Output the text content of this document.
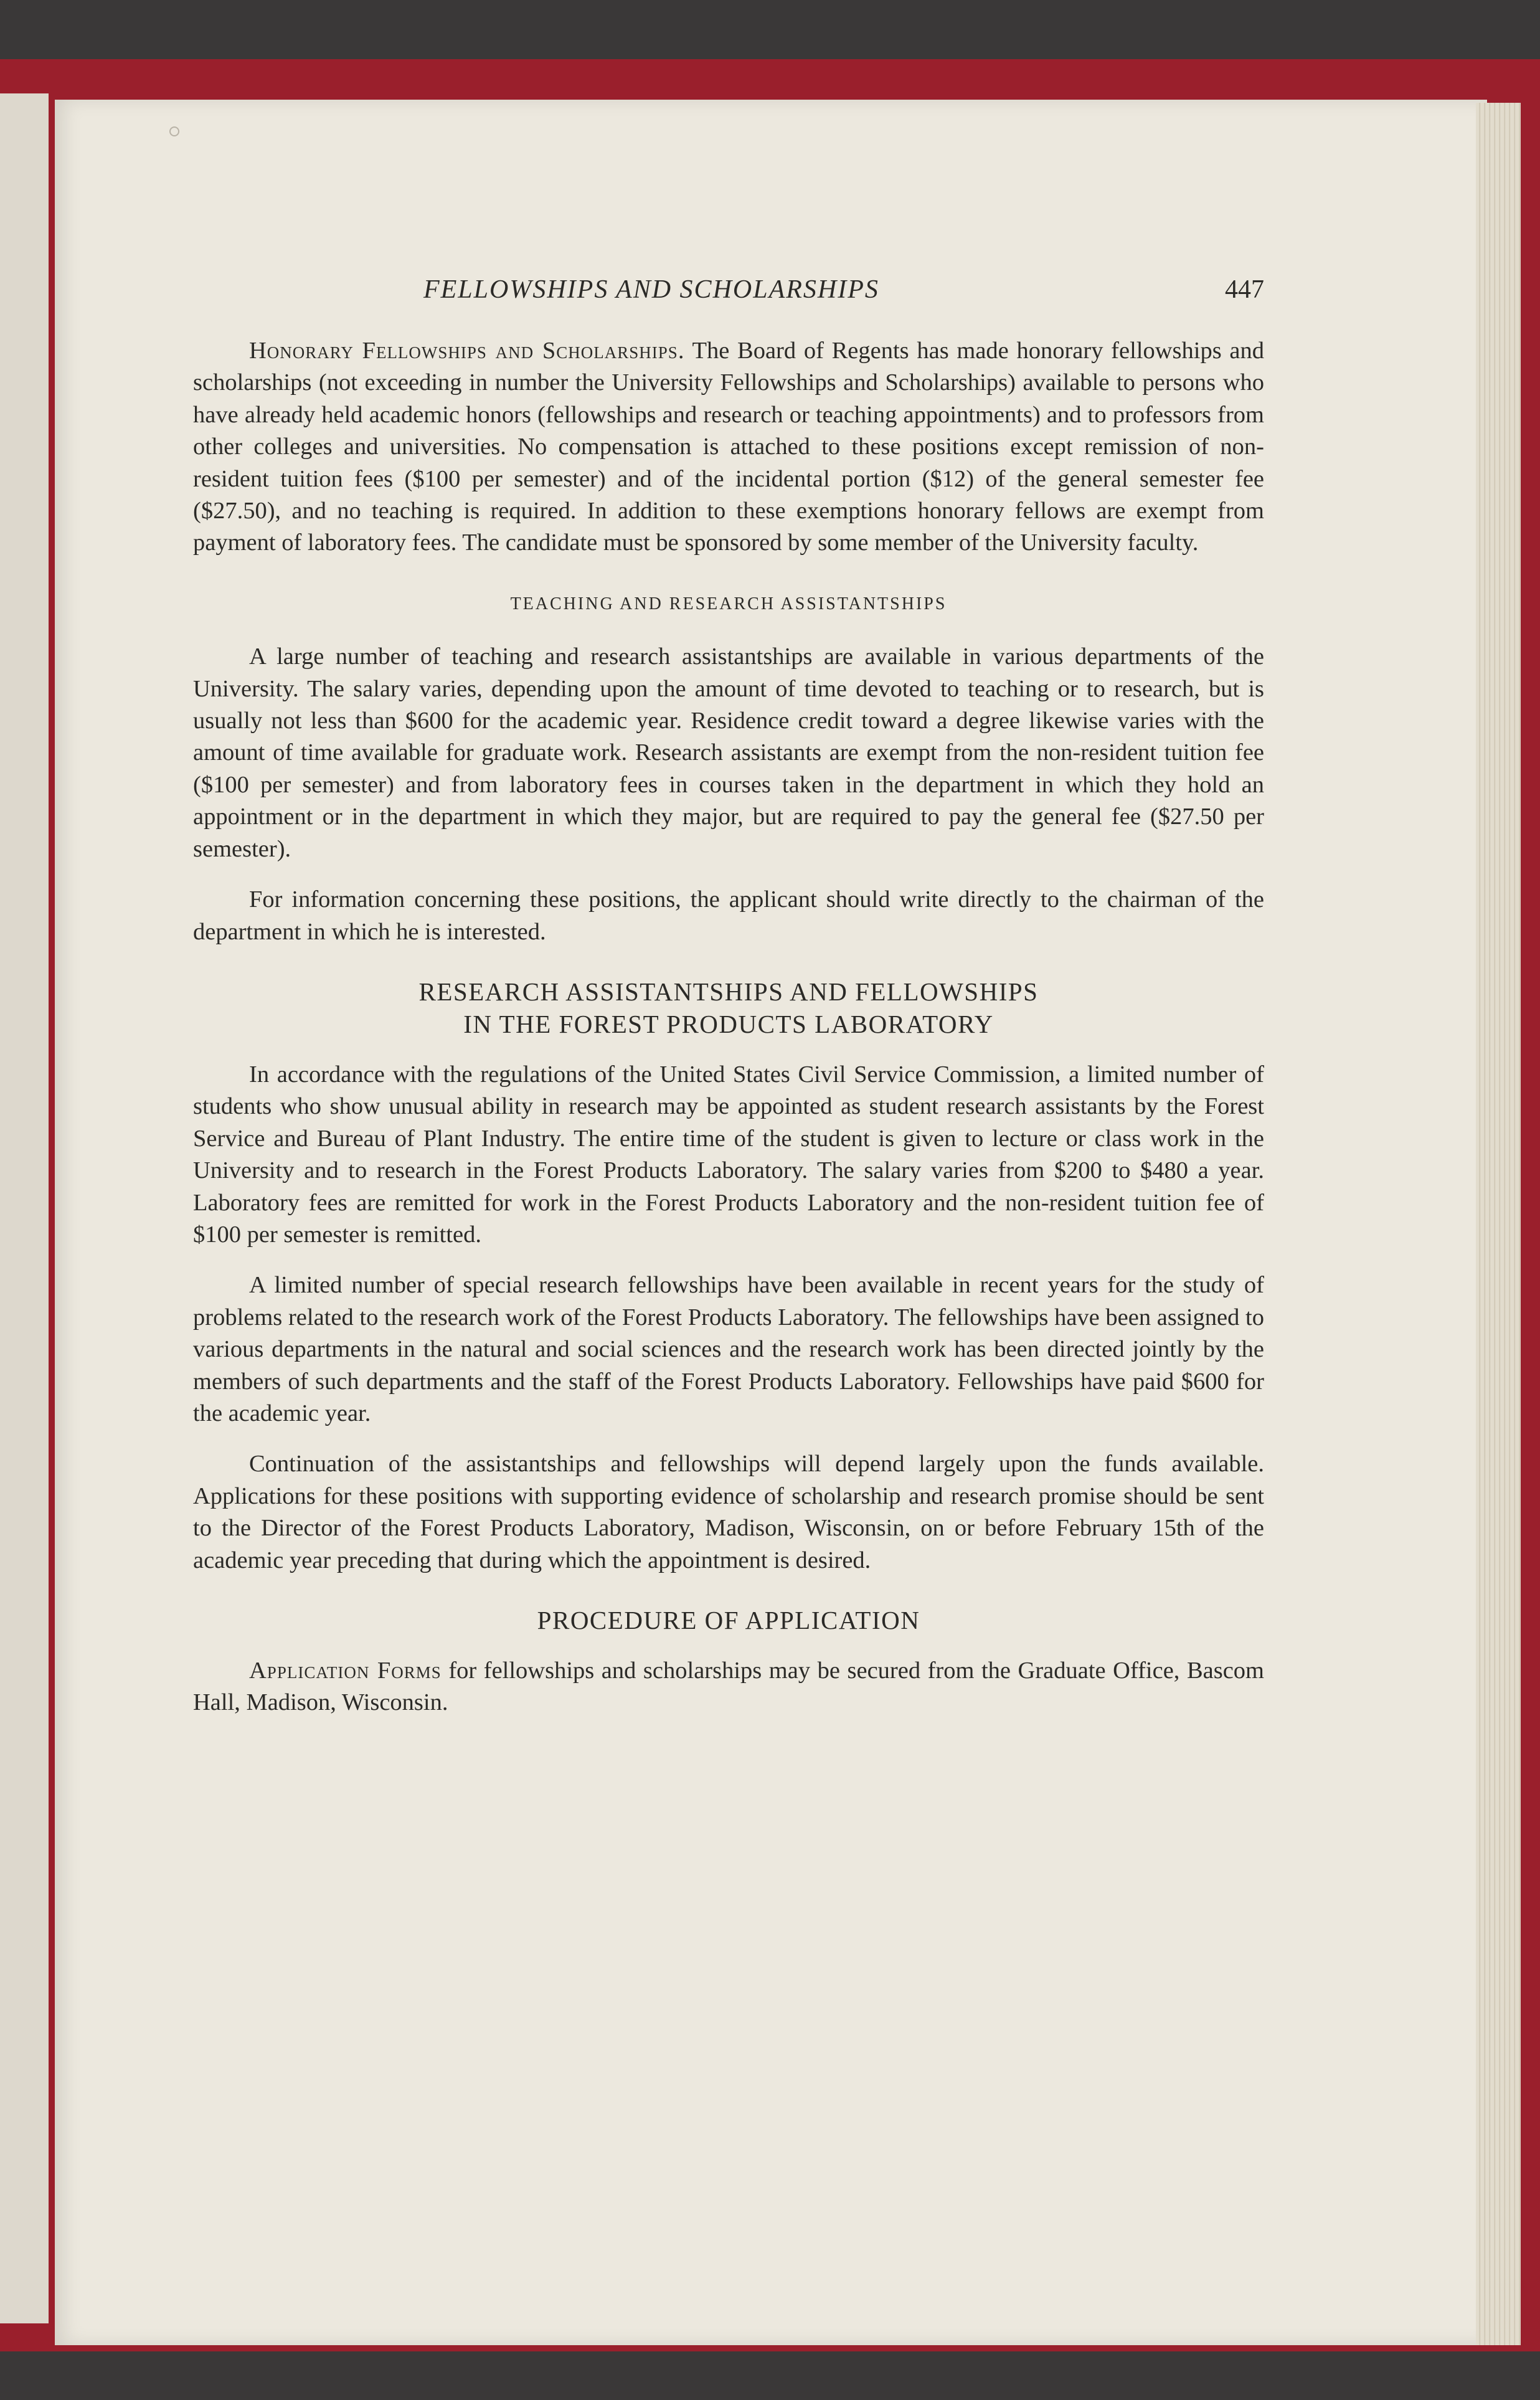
FELLOWSHIPS AND SCHOLARSHIPS	447

Honorary Fellowships and Scholarships. The Board of Regents has made honorary fellowships and scholarships (not exceeding in number the University Fellowships and Scholarships) available to persons who have already held academic honors (fellowships and research or teaching appointments) and to professors from other colleges and universities. No compensation is attached to these positions except remission of non-resident tuition fees ($100 per semester) and of the incidental portion ($12) of the general semester fee ($27.50), and no teaching is required. In addition to these exemptions honorary fellows are exempt from payment of laboratory fees. The candidate must be sponsored by some member of the University faculty.

TEACHING AND RESEARCH ASSISTANTSHIPS

A large number of teaching and research assistantships are available in various departments of the University. The salary varies, depending upon the amount of time devoted to teaching or to research, but is usually not less than $600 for the academic year. Residence credit toward a degree likewise varies with the amount of time available for graduate work. Research assistants are exempt from the non-resident tuition fee ($100 per semester) and from laboratory fees in courses taken in the department in which they hold an appointment or in the department in which they major, but are required to pay the general fee ($27.50 per semester).

For information concerning these positions, the applicant should write directly to the chairman of the department in which he is interested.

RESEARCH ASSISTANTSHIPS AND FELLOWSHIPS
IN THE FOREST PRODUCTS LABORATORY

In accordance with the regulations of the United States Civil Service Commission, a limited number of students who show unusual ability in research may be appointed as student research assistants by the Forest Service and Bureau of Plant Industry. The entire time of the student is given to lecture or class work in the University and to research in the Forest Products Laboratory. The salary varies from $200 to $480 a year. Laboratory fees are remitted for work in the Forest Products Laboratory and the non-resident tuition fee of $100 per semester is remitted.

A limited number of special research fellowships have been available in recent years for the study of problems related to the research work of the Forest Products Laboratory. The fellowships have been assigned to various departments in the natural and social sciences and the research work has been directed jointly by the members of such departments and the staff of the Forest Products Laboratory. Fellowships have paid $600 for the academic year.

Continuation of the assistantships and fellowships will depend largely upon the funds available. Applications for these positions with supporting evidence of scholarship and research promise should be sent to the Director of the Forest Products Laboratory, Madison, Wisconsin, on or before February 15th of the academic year preceding that during which the appointment is desired.

PROCEDURE OF APPLICATION

Application Forms for fellowships and scholarships may be secured from the Graduate Office, Bascom Hall, Madison, Wisconsin.
